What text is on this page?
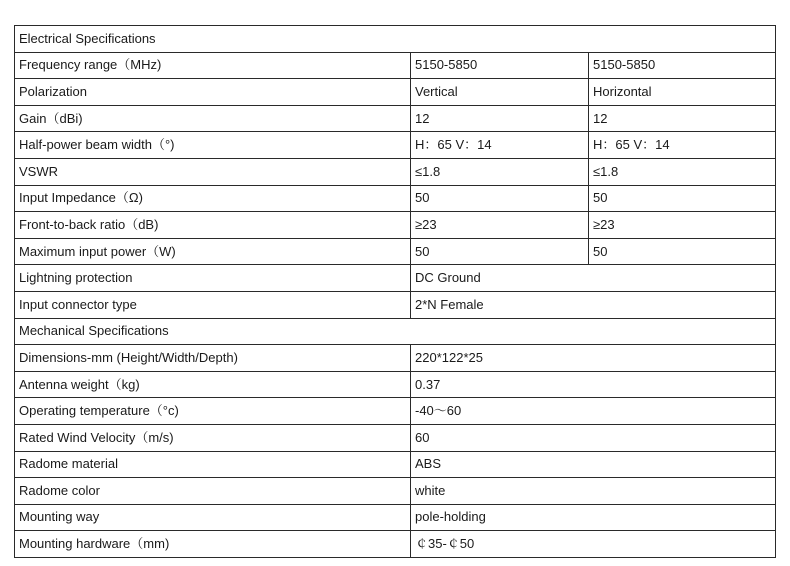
Electrical Specifications		
Frequency range（MHz)	5150-5850	5150-5850
Polarization	Vertical	Horizontal
Gain（dBi)	12	12
Half-power beam width（°)	H：65 V：14	H：65 V：14
VSWR	≤1.8	≤1.8
Input Impedance（Ω)	50	50
Front-to-back ratio（dB)	≥23	≥23
Maximum input power（W)	50	50
Lightning protection	DC Ground	
Input connector type	2*N Female	
Mechanical Specifications		
Dimensions-mm (Height/Width/Depth)	220*122*25	
Antenna weight（kg)	0.37	
Operating temperature（°c)	-40～60	
Rated Wind Velocity（m/s)	60	
Radome material	ABS	
Radome color	white	
Mounting way	pole-holding	
Mounting hardware（mm)	￠35-￠50	
